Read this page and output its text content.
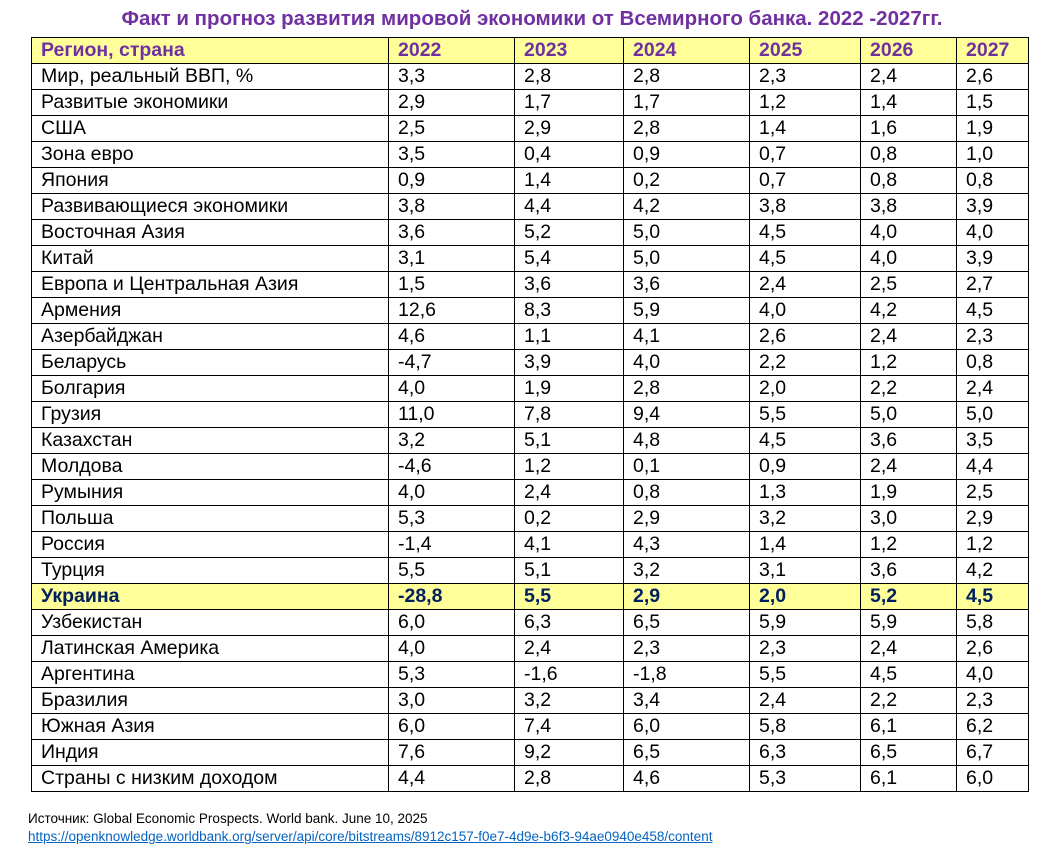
Факт и прогноз развития мировой экономики от Всемирного банка. 2022 -2027гг.
Регион, страна	2022	2023	2024	2025	2026	2027
Мир, реальный ВВП, %	3,3	2,8	2,8	2,3	2,4	2,6
Развитые экономики	2,9	1,7	1,7	1,2	1,4	1,5
США	2,5	2,9	2,8	1,4	1,6	1,9
Зона евро	3,5	0,4	0,9	0,7	0,8	1,0
Япония	0,9	1,4	0,2	0,7	0,8	0,8
Развивающиеся экономики	3,8	4,4	4,2	3,8	3,8	3,9
Восточная Азия	3,6	5,2	5,0	4,5	4,0	4,0
Китай	3,1	5,4	5,0	4,5	4,0	3,9
Европа и Центральная Азия	1,5	3,6	3,6	2,4	2,5	2,7
Армения	12,6	8,3	5,9	4,0	4,2	4,5
Азербайджан	4,6	1,1	4,1	2,6	2,4	2,3
Беларусь	-4,7	3,9	4,0	2,2	1,2	0,8
Болгария	4,0	1,9	2,8	2,0	2,2	2,4
Грузия	11,0	7,8	9,4	5,5	5,0	5,0
Казахстан	3,2	5,1	4,8	4,5	3,6	3,5
Молдова	-4,6	1,2	0,1	0,9	2,4	4,4
Румыния	4,0	2,4	0,8	1,3	1,9	2,5
Польша	5,3	0,2	2,9	3,2	3,0	2,9
Россия	-1,4	4,1	4,3	1,4	1,2	1,2
Турция	5,5	5,1	3,2	3,1	3,6	4,2
Украина	-28,8	5,5	2,9	2,0	5,2	4,5
Узбекистан	6,0	6,3	6,5	5,9	5,9	5,8
Латинская Америка	4,0	2,4	2,3	2,3	2,4	2,6
Аргентина	5,3	-1,6	-1,8	5,5	4,5	4,0
Бразилия	3,0	3,2	3,4	2,4	2,2	2,3
Южная Азия	6,0	7,4	6,0	5,8	6,1	6,2
Индия	7,6	9,2	6,5	6,3	6,5	6,7
Страны с низким доходом	4,4	2,8	4,6	5,3	6,1	6,0
Источник: Global Economic Prospects. World bank. June 10, 2025
https://openknowledge.worldbank.org/server/api/core/bitstreams/8912c157-f0e7-4d9e-b6f3-94ae0940e458/content
